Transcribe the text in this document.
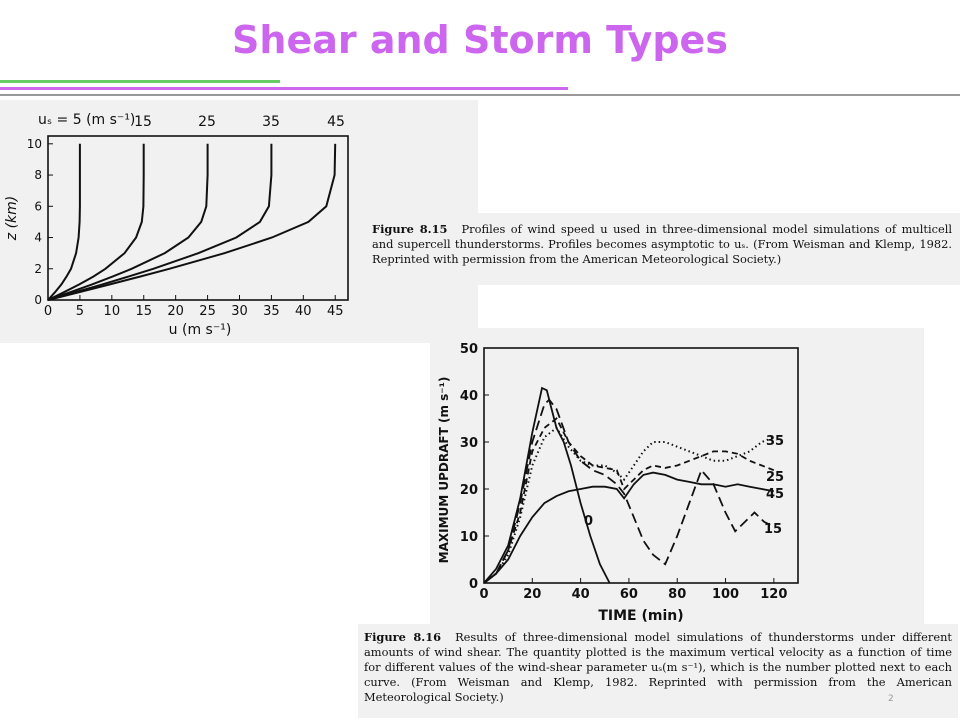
Shear and Storm Types
0 5 10 15 20 25 30 35 40 45
0
2
4
6
8
10
u (m s⁻¹)
z (km)
uₛ = 5 (m s⁻¹)
15	25	35	45
Figure 8.15 Profiles of wind speed u used in three-dimensional model simulations of multicell and supercell thunderstorms. Profiles becomes asymptotic to uₛ. (From Weisman and Klemp, 1982. Reprinted with permission from the American Meteorological Society.)
0	20 40 60 80 100 120
0
10
20
30
40
50
TIME (min)
MAXIMUM UPDRAFT (m s⁻¹)	0
15
25
35
45
Figure 8.16 Results of three-dimensional model simulations of thunderstorms under different amounts of wind shear. The quantity plotted is the maximum vertical velocity as a function of time for different values of the wind-shear parameter uₛ(m s⁻¹), which is the number plotted next to each curve. (From Weisman and Klemp, 1982. Reprinted with permission from the American Meteorological Society.)	2
